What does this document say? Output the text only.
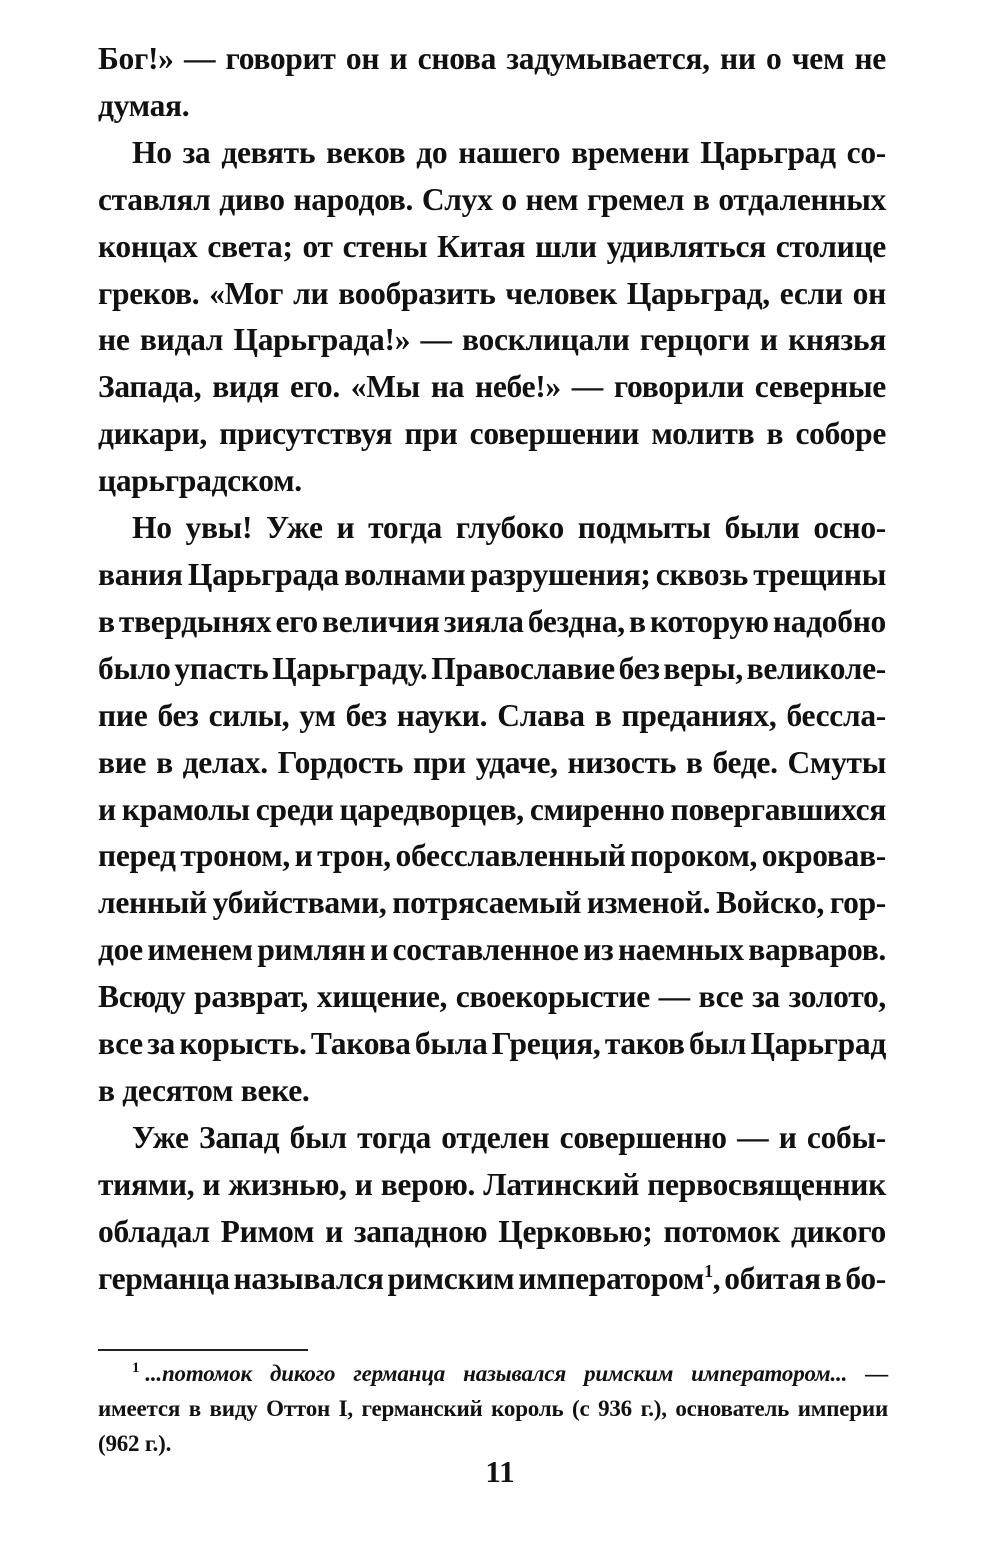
Бог!» — говорит он и снова задумывается, ни о чем не
думая.
Но за девять веков до нашего времени Царьград со-
ставлял диво народов. Слух о нем гремел в отдаленных
концах света; от стены Китая шли удивляться столице
греков. «Мог ли вообразить человек Царьград, если он
не видал Царьграда!» — восклицали герцоги и князья
Запада, видя его. «Мы на небе!» — говорили северные
дикари, присутствуя при совершении молитв в соборе
царьградском.
Но увы! Уже и тогда глубоко подмыты были осно-
вания Царьграда волнами разрушения; сквозь трещины
в твердынях его величия зияла бездна, в которую надобно
было упасть Царьграду. Православие без веры, великоле-
пие без силы, ум без науки. Слава в преданиях, бесcла-
вие в делах. Гордость при удаче, низость в беде. Смуты
и крамолы среди царедворцев, смиренно повергавшихся
перед троном, и трон, обесславленный пороком, окровав-
ленный убийствами, потрясаемый изменой. Войско, гор-
дое именем римлян и составленное из наемных варваров.
Всюду разврат, хищение, своекорыстие — все за золото,
все за корысть. Такова была Греция, таков был Царьград
в десятом веке.
Уже Запад был тогда отделен совершенно — и собы-
тиями, и жизнью, и верою. Латинский первосвященник
обладал Римом и западною Церковью; потомок дикого
германца назывался римским императором$^1$, обитая в бо-
$^1$ ...потомок дикого германца назывался римским императором... —
имеется в виду Оттон I, германский король (с 936 г.), основатель империи
(962 г.).
11
